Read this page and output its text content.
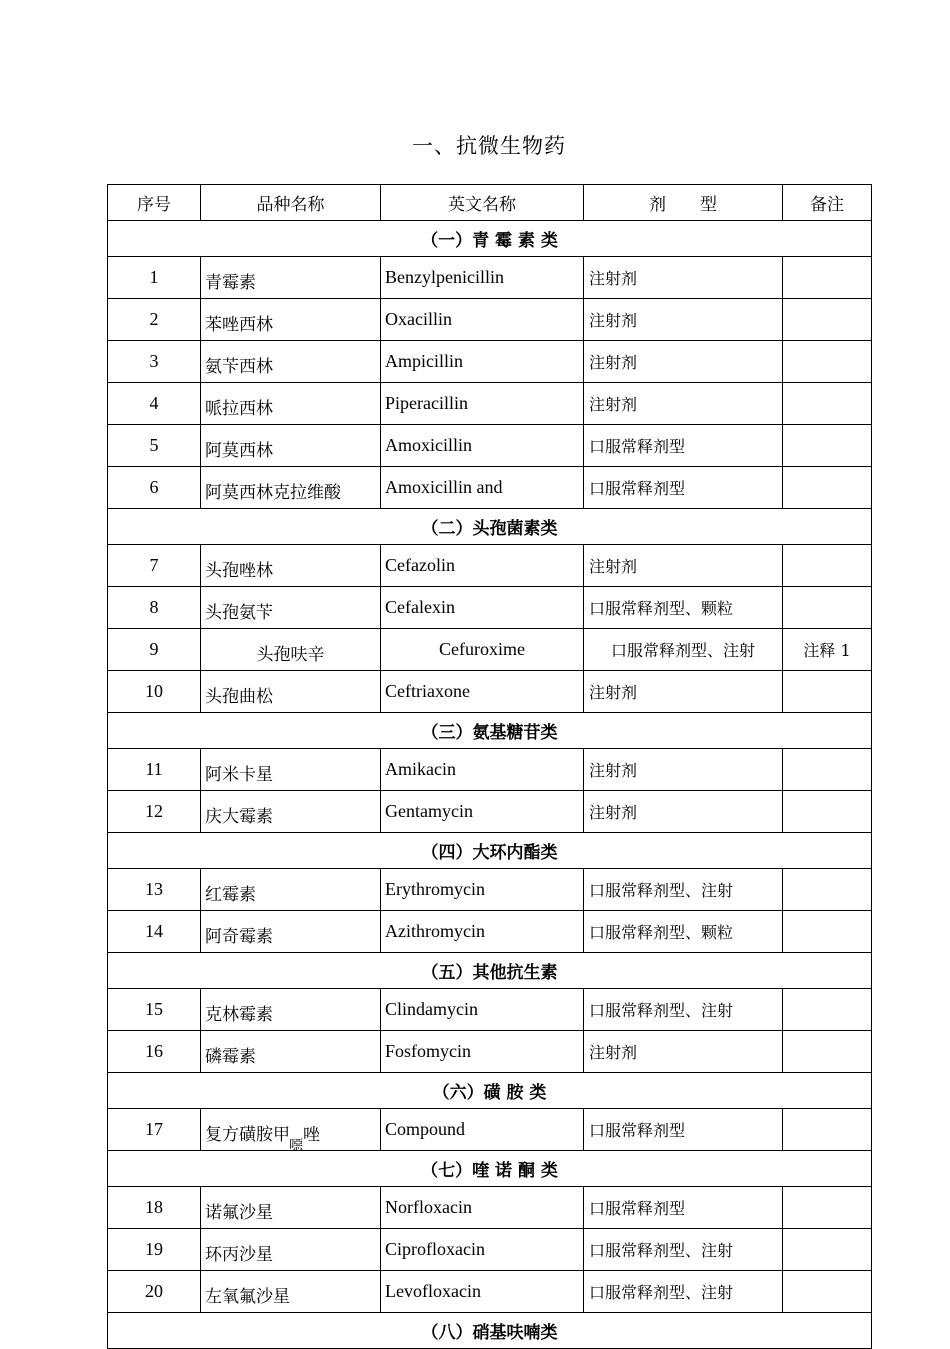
一、抗微生物药
序号	品种名称	英文名称	剂　　型	备注
（一）青 霉 素 类				
1	青霉素	Benzylpenicillin	注射剂	
2	苯唑西林	Oxacillin	注射剂	
3	氨苄西林	Ampicillin	注射剂	
4	哌拉西林	Piperacillin	注射剂	
5	阿莫西林	Amoxicillin	口服常释剂型	
6	阿莫西林克拉维酸	Amoxicillin and	口服常释剂型	
（二）头孢菌素类				
7	头孢唑林	Cefazolin	注射剂	
8	头孢氨苄	Cefalexin	口服常释剂型、颗粒	
9	头孢呋辛	Cefuroxime	口服常释剂型、注射	注释 1
10	头孢曲松	Ceftriaxone	注射剂	
（三）氨基糖苷类				
11	阿米卡星	Amikacin	注射剂	
12	庆大霉素	Gentamycin	注射剂	
（四）大环内酯类				
13	红霉素	Erythromycin	口服常释剂型、注射	
14	阿奇霉素	Azithromycin	口服常释剂型、颗粒	
（五）其他抗生素				
15	克林霉素	Clindamycin	口服常释剂型、注射	
16	磷霉素	Fosfomycin	注射剂	
（六）磺 胺 类				
17	复方磺胺甲$_噁$唑	Compound	口服常释剂型	
（七）喹 诺 酮 类				
18	诺氟沙星	Norfloxacin	口服常释剂型	
19	环丙沙星	Ciprofloxacin	口服常释剂型、注射	
20	左氧氟沙星	Levofloxacin	口服常释剂型、注射	
（八）硝基呋喃类				
